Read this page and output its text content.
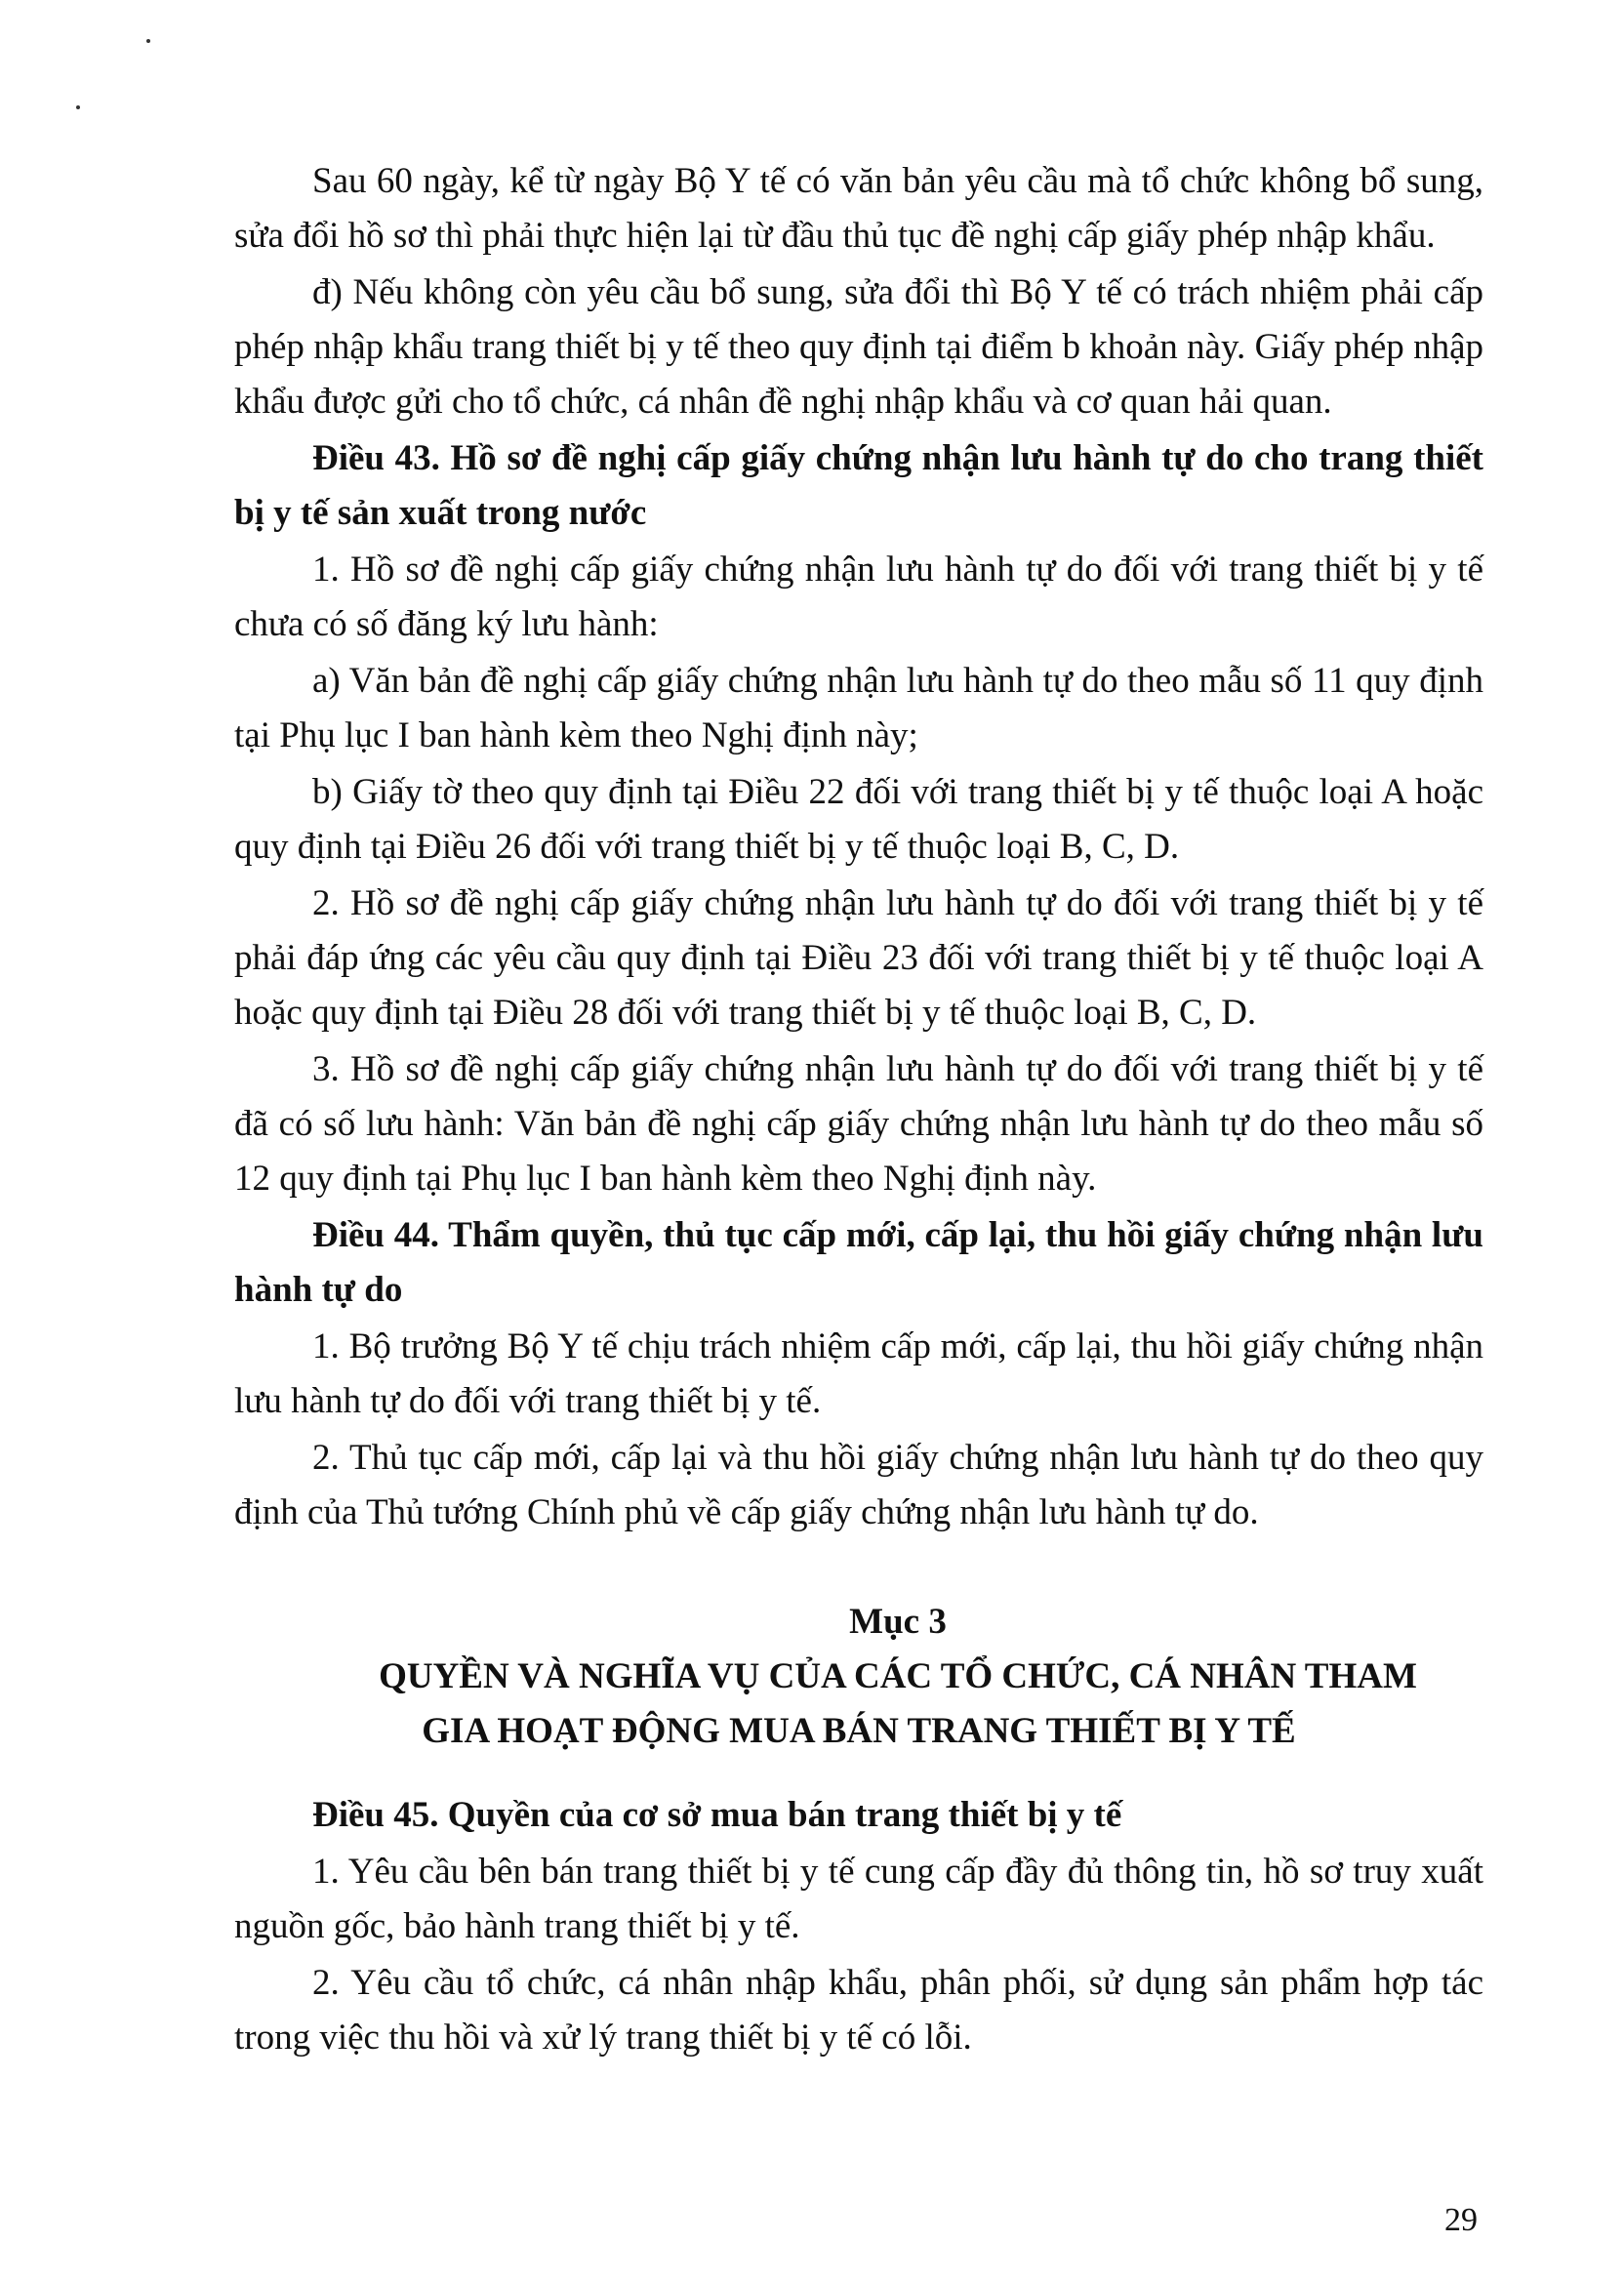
Sau 60 ngày, kể từ ngày Bộ Y tế có văn bản yêu cầu mà tổ chức không bổ sung, sửa đổi hồ sơ thì phải thực hiện lại từ đầu thủ tục đề nghị cấp giấy phép nhập khẩu.

đ) Nếu không còn yêu cầu bổ sung, sửa đổi thì Bộ Y tế có trách nhiệm phải cấp phép nhập khẩu trang thiết bị y tế theo quy định tại điểm b khoản này. Giấy phép nhập khẩu được gửi cho tổ chức, cá nhân đề nghị nhập khẩu và cơ quan hải quan.

Điều 43. Hồ sơ đề nghị cấp giấy chứng nhận lưu hành tự do cho trang thiết bị y tế sản xuất trong nước

1. Hồ sơ đề nghị cấp giấy chứng nhận lưu hành tự do đối với trang thiết bị y tế chưa có số đăng ký lưu hành:

a) Văn bản đề nghị cấp giấy chứng nhận lưu hành tự do theo mẫu số 11 quy định tại Phụ lục I ban hành kèm theo Nghị định này;

b) Giấy tờ theo quy định tại Điều 22 đối với trang thiết bị y tế thuộc loại A hoặc quy định tại Điều 26 đối với trang thiết bị y tế thuộc loại B, C, D.

2. Hồ sơ đề nghị cấp giấy chứng nhận lưu hành tự do đối với trang thiết bị y tế phải đáp ứng các yêu cầu quy định tại Điều 23 đối với trang thiết bị y tế thuộc loại A hoặc quy định tại Điều 28 đối với trang thiết bị y tế thuộc loại B, C, D.

3. Hồ sơ đề nghị cấp giấy chứng nhận lưu hành tự do đối với trang thiết bị y tế đã có số lưu hành: Văn bản đề nghị cấp giấy chứng nhận lưu hành tự do theo mẫu số 12 quy định tại Phụ lục I ban hành kèm theo Nghị định này.

Điều 44. Thẩm quyền, thủ tục cấp mới, cấp lại, thu hồi giấy chứng nhận lưu hành tự do

1. Bộ trưởng Bộ Y tế chịu trách nhiệm cấp mới, cấp lại, thu hồi giấy chứng nhận lưu hành tự do đối với trang thiết bị y tế.

2. Thủ tục cấp mới, cấp lại và thu hồi giấy chứng nhận lưu hành tự do theo quy định của Thủ tướng Chính phủ về cấp giấy chứng nhận lưu hành tự do.

Mục 3

QUYỀN VÀ NGHĨA VỤ CỦA CÁC TỔ CHỨC, CÁ NHÂN THAM GIA HOẠT ĐỘNG MUA BÁN TRANG THIẾT BỊ Y TẾ

Điều 45. Quyền của cơ sở mua bán trang thiết bị y tế

1. Yêu cầu bên bán trang thiết bị y tế cung cấp đầy đủ thông tin, hồ sơ truy xuất nguồn gốc, bảo hành trang thiết bị y tế.

2. Yêu cầu tổ chức, cá nhân nhập khẩu, phân phối, sử dụng sản phẩm hợp tác trong việc thu hồi và xử lý trang thiết bị y tế có lỗi.

29
